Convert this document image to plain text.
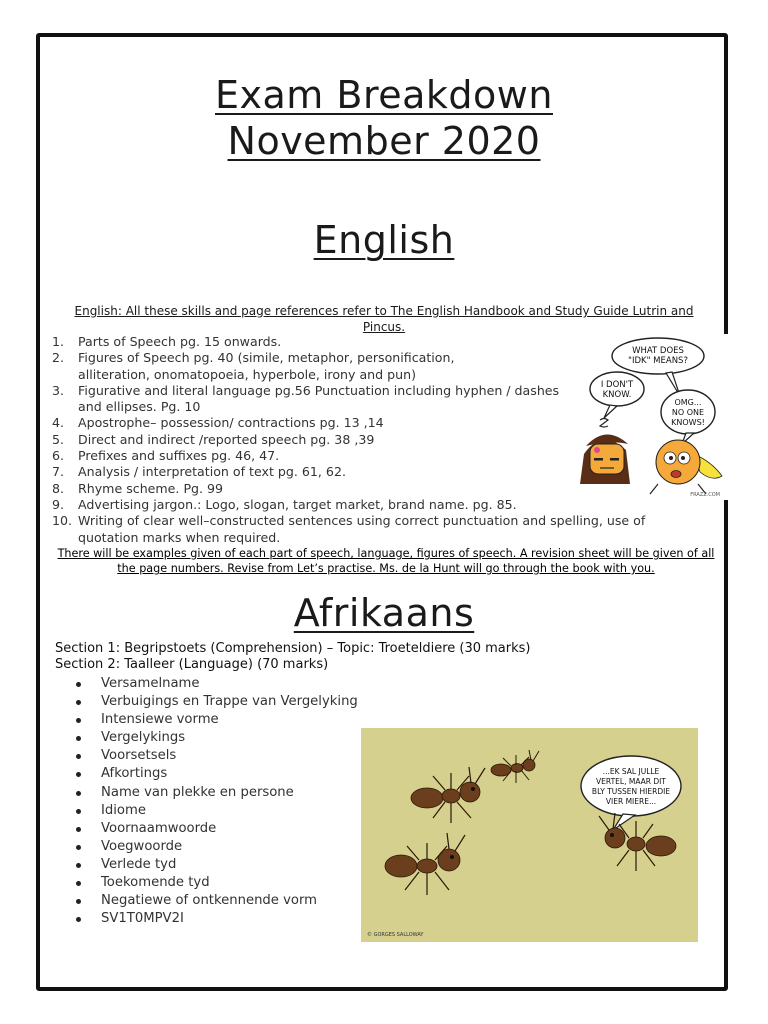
Exam Breakdown
November 2020
English
English: All these skills and page references refer to The English Handbook and Study Guide Lutrin and Pincus.
1.	Parts of Speech pg. 15 onwards.
2.	Figures of Speech pg. 40 (simile, metaphor, personification,
alliteration, onomatopoeia, hyperbole, irony and pun)
3.	Figurative and literal language pg.56 Punctuation including hyphen / dashes
and ellipses. Pg. 10
4.	Apostrophe– possession/ contractions pg. 13 ,14
5.	Direct and indirect /reported speech pg. 38 ,39
6.	Prefixes and suffixes pg. 46, 47.
7.	Analysis / interpretation of text pg. 61, 62.
8.	Rhyme scheme. Pg. 99
9.	Advertising jargon.: Logo, slogan, target market, brand name. pg. 85.
10. Writing of clear well–constructed sentences using correct punctuation and spelling, use of
quotation marks when required.
WHAT DOES
"IDK" MEANS?
I DON'T
KNOW.
OMG...
NO ONE
KNOWS!
FRAZZ.COM
There will be examples given of each part of speech, language, figures of speech. A revision sheet will be given of all the page numbers. Revise from Let’s practise. Ms. de la Hunt will go through the book with you.
Afrikaans
Section 1: Begripstoets (Comprehension) – Topic: Troeteldiere (30 marks)
Section 2: Taalleer (Language) (70 marks)
Versamelname
Verbuigings en Trappe van Vergelyking
Intensiewe vorme
Vergelykings
Voorsetsels
Afkortings
Name van plekke en persone
Idiome
Voornaamwoorde
Voegwoorde
Verlede tyd
Toekomende tyd
Negatiewe of ontkennende vorm
SV1T0MPV2I
...EK SAL JULLE
VERTEL, MAAR DIT
BLY TUSSEN HIERDIE
VIER MIERE...
© GORGES SALLOWAY
